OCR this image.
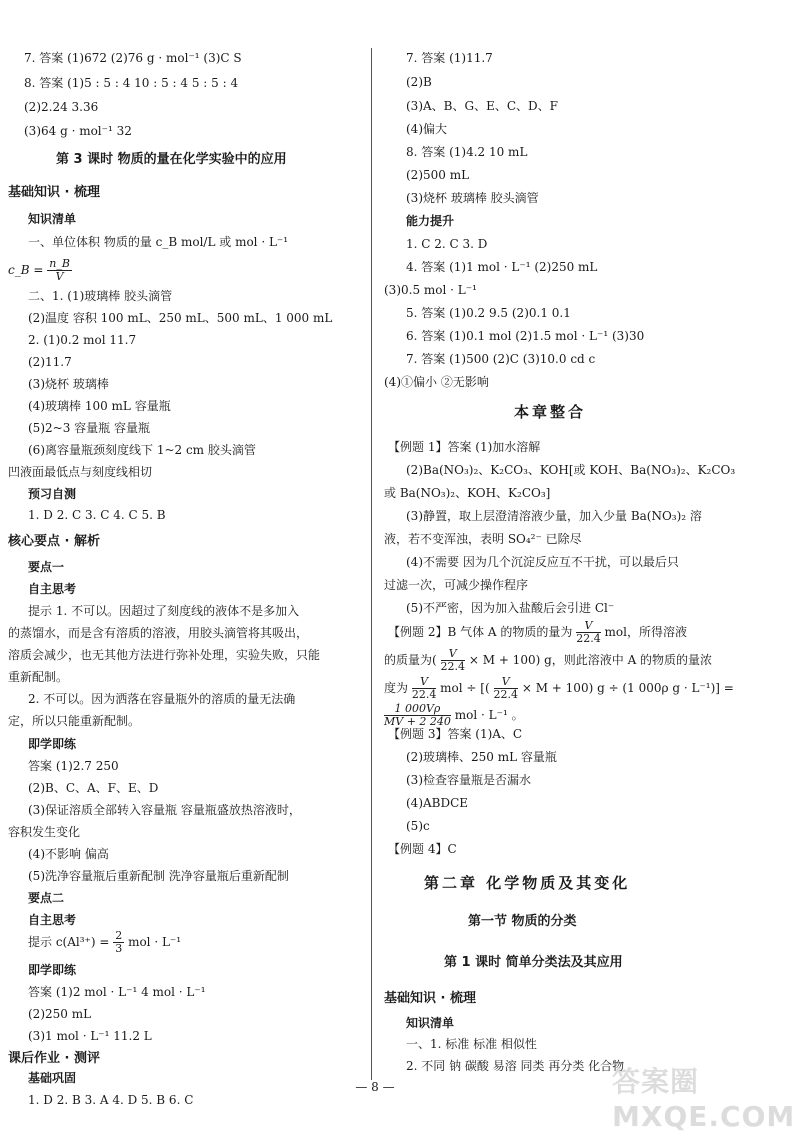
7. 答案 (1)672 (2)76 g · mol⁻¹ (3)C S
8. 答案 (1)5 : 5 : 4 10 : 5 : 4 5 : 5 : 4
(2)2.24 3.36
(3)64 g · mol⁻¹ 32
第 3 课时 物质的量在化学实验中的应用
基础知识 · 梳理
知识清单
一、单位体积 物质的量 c_B mol/L 或 mol · L⁻¹
二、1. (1)玻璃棒 胶头滴管
(2)温度 容积 100 mL、250 mL、500 mL、1 000 mL
2. (1)0.2 mol 11.7
(2)11.7
(3)烧杯 玻璃棒
(4)玻璃棒 100 mL 容量瓶
(5)2~3 容量瓶 容量瓶
(6)离容量瓶颈刻度线下 1~2 cm 胶头滴管
凹液面最低点与刻度线相切
预习自测
1. D 2. C 3. C 4. C 5. B
核心要点 · 解析
要点一
自主思考
提示 1. 不可以。因超过了刻度线的液体不是多加入
的蒸馏水，而是含有溶质的溶液，用胶头滴管将其吸出，
溶质会减少，也无其他方法进行弥补处理，实验失败，只能
重新配制。
2. 不可以。因为洒落在容量瓶外的溶质的量无法确
定，所以只能重新配制。
即学即练
答案 (1)2.7 250
(2)B、C、A、F、E、D
(3)保证溶质全部转入容量瓶 容量瓶盛放热溶液时，
容积发生变化
(4)不影响 偏高
(5)洗净容量瓶后重新配制 洗净容量瓶后重新配制
要点二
自主思考
即学即练
答案 (1)2 mol · L⁻¹ 4 mol · L⁻¹
(2)250 mL
(3)1 mol · L⁻¹ 11.2 L
课后作业 · 测评
基础巩固
1. D 2. B 3. A 4. D 5. B 6. C
7. 答案 (1)11.7
(2)B
(3)A、B、G、E、C、D、F
(4)偏大
8. 答案 (1)4.2 10 mL
(2)500 mL
(3)烧杯 玻璃棒 胶头滴管
能力提升
1. C 2. C 3. D
4. 答案 (1)1 mol · L⁻¹ (2)250 mL
(3)0.5 mol · L⁻¹
5. 答案 (1)0.2 9.5 (2)0.1 0.1
6. 答案 (1)0.1 mol (2)1.5 mol · L⁻¹ (3)30
7. 答案 (1)500 (2)C (3)10.0 cd c
(4)①偏小 ②无影响
本章整合
【例题 1】答案 (1)加水溶解
(2)Ba(NO₃)₂、K₂CO₃、KOH[或 KOH、Ba(NO₃)₂、K₂CO₃
或 Ba(NO₃)₂、KOH、K₂CO₃]
(3)静置，取上层澄清溶液少量，加入少量 Ba(NO₃)₂ 溶
液，若不变浑浊，表明 SO₄²⁻ 已除尽
(4)不需要 因为几个沉淀反应互不干扰，可以最后只
过滤一次，可减少操作程序
(5)不严密，因为加入盐酸后会引进 Cl⁻
【例题 3】答案 (1)A、C
(2)玻璃棒、250 mL 容量瓶
(3)检查容量瓶是否漏水
(4)ABDCE
(5)c
【例题 4】C
第二章 化学物质及其变化
第一节 物质的分类
第 1 课时 简单分类法及其应用
基础知识 · 梳理
知识清单
一、1. 标准 标准 相似性
2. 不同 钠 碳酸 易溶 同类 再分类 化合物
c_B = $\frac{n\_B}{V}$
提示 $c(Al^{3+}) = \frac{2}{3}$ mol · L⁻¹
【例题 2】B 气体 A 的物质的量为 $\frac{V}{22.4}$ mol，所得溶液
的质量为( $\frac{V}{22.4} \times M + 100$) g，则此溶液中 A 的物质的量浓
度为 $\frac{V}{22.4}$ mol ÷ [( $\frac{V}{22.4} \times M + 100$) g ÷ (1 000ρ g · L⁻¹)] =
$\frac{1 000V\rho}{MV + 2 240}$ mol · L⁻¹ 。
— 8 —	答案圈 MXQE.COM
